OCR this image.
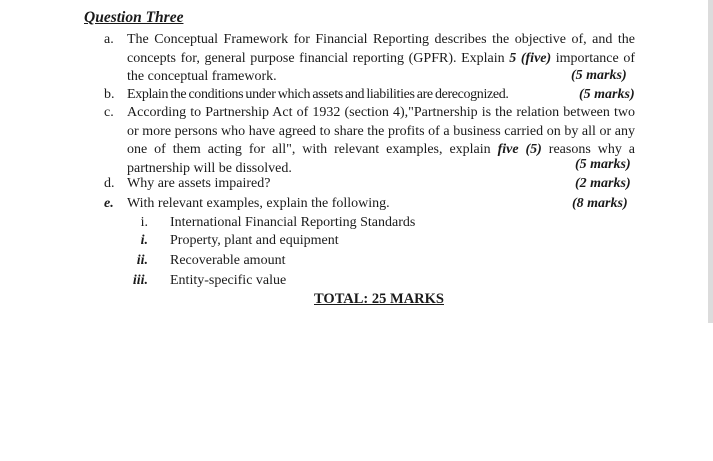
Question Three
a. The Conceptual Framework for Financial Reporting describes the objective of, and the concepts for, general purpose financial reporting (GPFR). Explain 5 (five) importance of the conceptual framework.	(5 marks)
b. Explain the conditions under which assets and liabilities are derecognized.	(5 marks)
c. According to Partnership Act of 1932 (section 4),"Partnership is the relation between two or more persons who have agreed to share the profits of a business carried on by all or any one of them acting for all", with relevant examples, explain five (5) reasons why a partnership will be dissolved.	(5 marks)
d. Why are assets impaired?	(2 marks)
e. With relevant examples, explain the following.	(8 marks)
i. International Financial Reporting Standards
i. Property, plant and equipment
ii. Recoverable amount
iii. Entity-specific value
TOTAL: 25 MARKS
